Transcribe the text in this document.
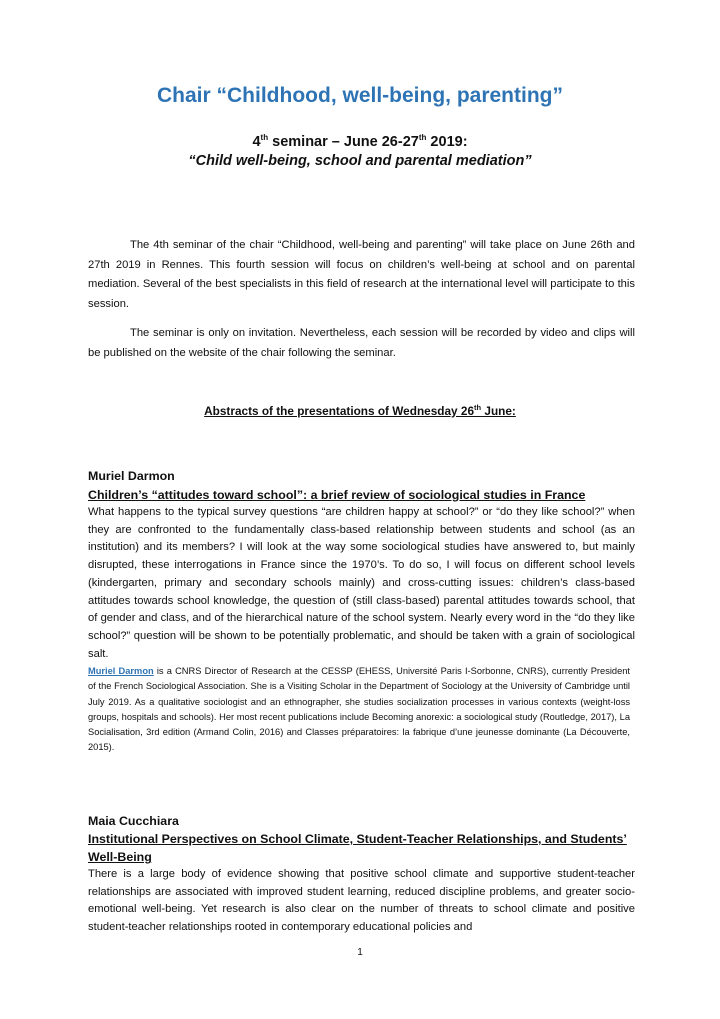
Chair “Childhood, well-being, parenting”
4th seminar – June 26-27th 2019:
“Child well-being, school and parental mediation”
The 4th seminar of the chair “Childhood, well-being and parenting” will take place on June 26th and 27th 2019 in Rennes. This fourth session will focus on children’s well-being at school and on parental mediation. Several of the best specialists in this field of research at the international level will participate to this session.
The seminar is only on invitation. Nevertheless, each session will be recorded by video and clips will be published on the website of the chair following the seminar.
Abstracts of the presentations of Wednesday 26th June:
Muriel Darmon
Children’s “attitudes toward school”: a brief review of sociological studies in France
What happens to the typical survey questions “are children happy at school?” or “do they like school?” when they are confronted to the fundamentally class-based relationship between students and school (as an institution) and its members? I will look at the way some sociological studies have answered to, but mainly disrupted, these interrogations in France since the 1970’s. To do so, I will focus on different school levels (kindergarten, primary and secondary schools mainly) and cross-cutting issues: children’s class-based attitudes towards school knowledge, the question of (still class-based) parental attitudes towards school, that of gender and class, and of the hierarchical nature of the school system. Nearly every word in the “do they like school?” question will be shown to be potentially problematic, and should be taken with a grain of sociological salt.
Muriel Darmon is a CNRS Director of Research at the CESSP (EHESS, Université Paris I-Sorbonne, CNRS), currently President of the French Sociological Association. She is a Visiting Scholar in the Department of Sociology at the University of Cambridge until July 2019. As a qualitative sociologist and an ethnographer, she studies socialization processes in various contexts (weight-loss groups, hospitals and schools). Her most recent publications include Becoming anorexic: a sociological study (Routledge, 2017), La Socialisation, 3rd edition (Armand Colin, 2016) and Classes préparatoires: la fabrique d’une jeunesse dominante (La Découverte, 2015).
Maia Cucchiara
Institutional Perspectives on School Climate, Student-Teacher Relationships, and Students’ Well-Being
There is a large body of evidence showing that positive school climate and supportive student-teacher relationships are associated with improved student learning, reduced discipline problems, and greater socio-emotional well-being. Yet research is also clear on the number of threats to school climate and positive student-teacher relationships rooted in contemporary educational policies and
1
